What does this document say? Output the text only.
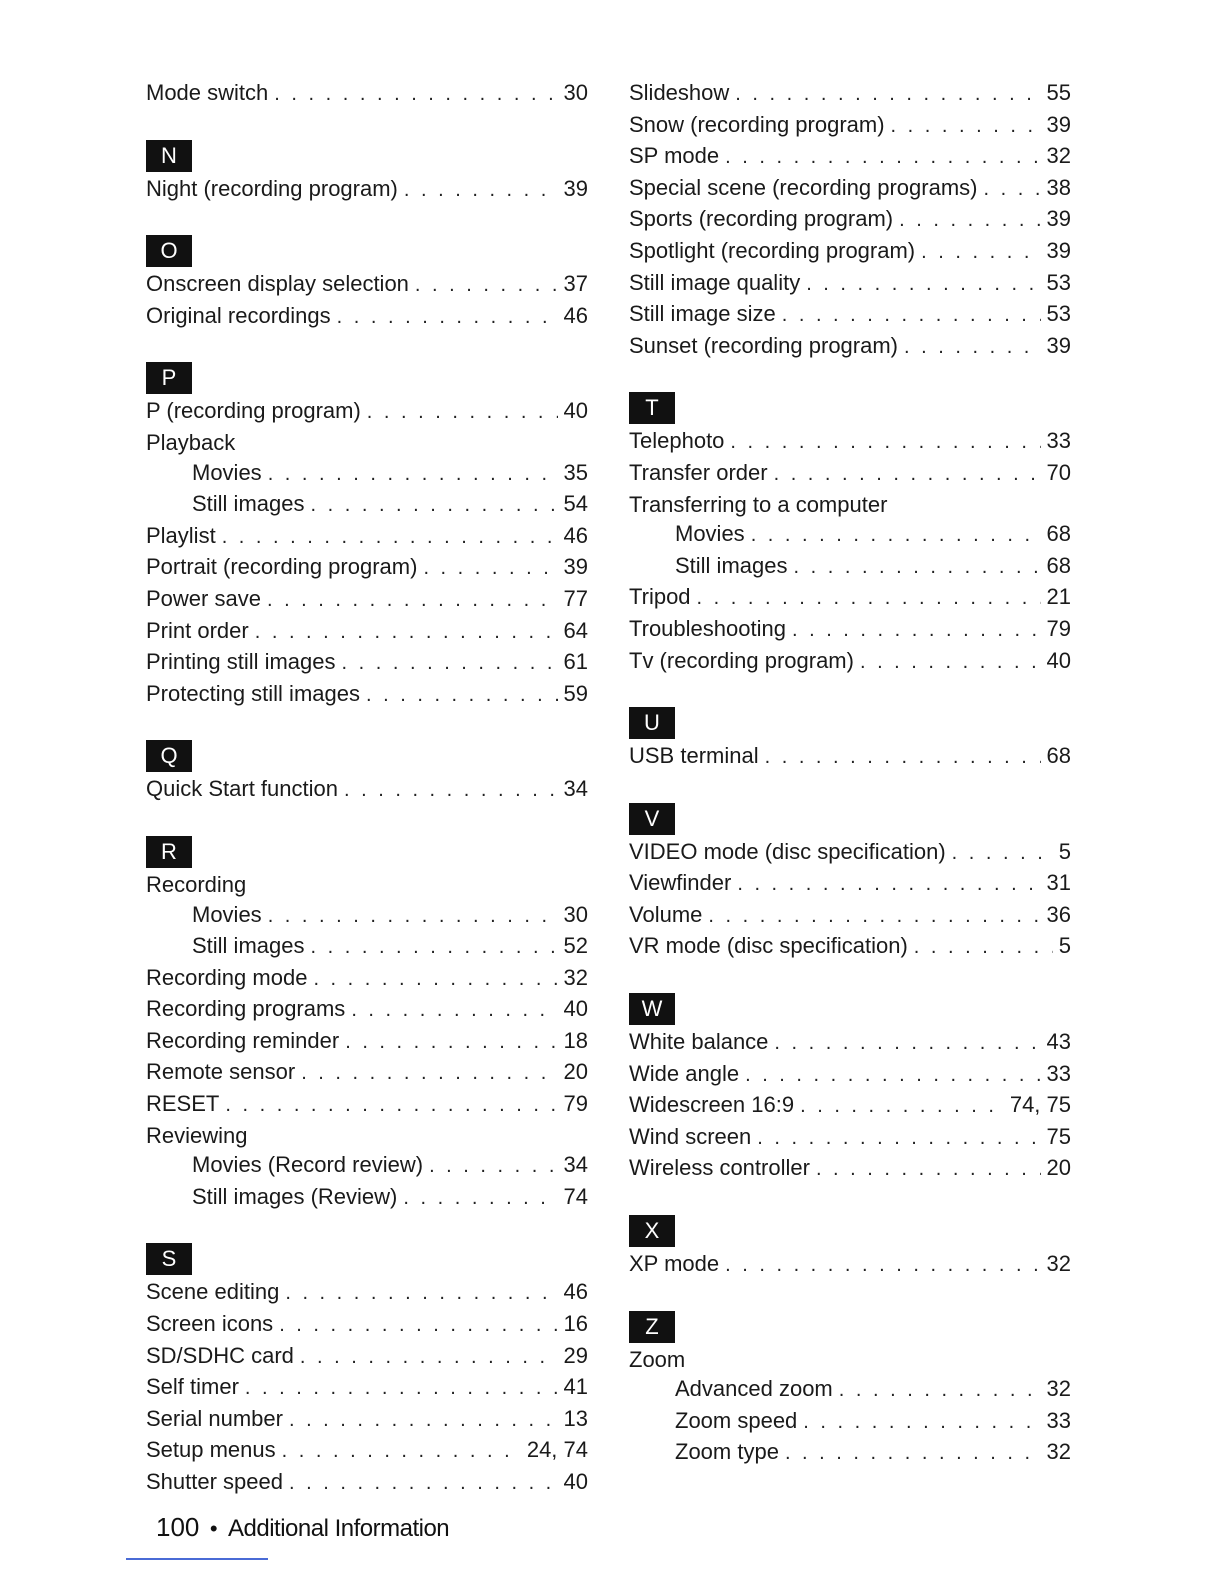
Mode switch . . .	30
N
Night (recording program) . . .	39
O
Onscreen display selection . . .	37
Original recordings . . .	46
P
P (recording program) . . .	40
Playback
Movies . . .	35
Still images . . .	54
Playlist . . .	46
Portrait (recording program) . . .	39
Power save . . .	77
Print order . . .	64
Printing still images . . .	61
Protecting still images . . .	59
Q
Quick Start function . . .	34
R
Recording
Movies . . .	30
Still images . . .	52
Recording mode . . .	32
Recording programs . . .	40
Recording reminder . . .	18
Remote sensor . . .	20
RESET . . .	79
Reviewing
Movies (Record review) . . .	34
Still images (Review) . . .	74
S
Scene editing . . .	46
Screen icons . . .	16
SD/SDHC card . . .	29
Self timer . . .	41
Serial number . . .	13
Setup menus . . .	24, 74
Shutter speed . . .	40
Slideshow . . .	55
Snow (recording program) . . .	39
SP mode . . .	32
Special scene (recording programs) . . .	38
Sports (recording program) . . .	39
Spotlight (recording program) . . .	39
Still image quality . . .	53
Still image size . . .	53
Sunset (recording program) . . .	39
T
Telephoto . . .	33
Transfer order . . .	70
Transferring to a computer
Movies . . .	68
Still images . . .	68
Tripod . . .	21
Troubleshooting . . .	79
Tv (recording program) . . .	40
U
USB terminal . . .	68
V
VIDEO mode (disc specification) . . .	5
Viewfinder . . .	31
Volume . . .	36
VR mode (disc specification) . . .	5
W
White balance . . .	43
Wide angle . . .	33
Widescreen 16:9 . . .	74, 75
Wind screen . . .	75
Wireless controller . . .	20
X
XP mode . . .	32
Z
Zoom
Advanced zoom . . .	32
Zoom speed . . .	33
Zoom type . . .	32
100 • Additional Information
